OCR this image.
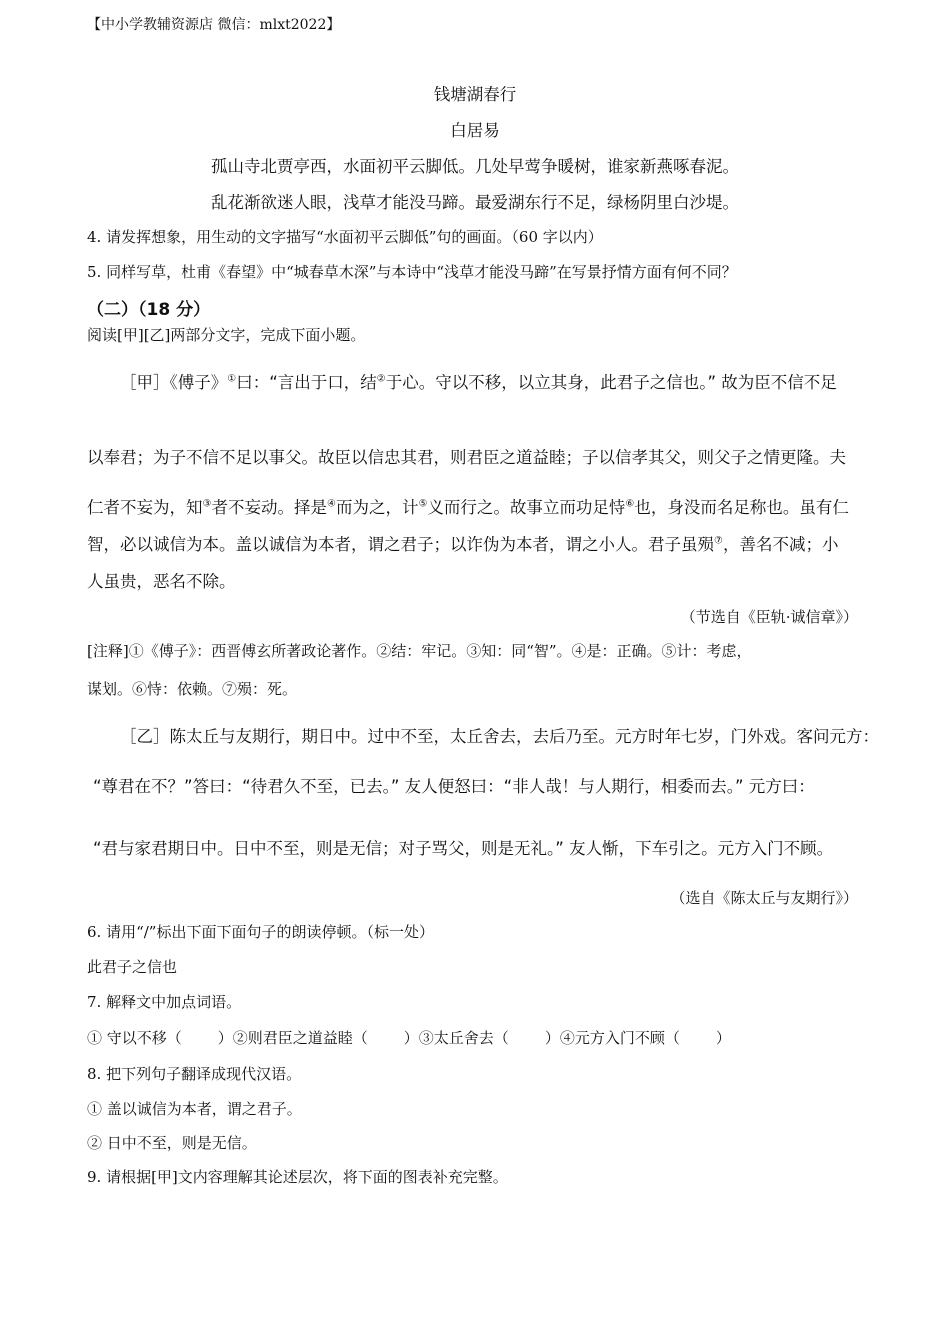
【中小学教辅资源店 微信：mlxt2022】
钱塘湖春行
白居易
孤山寺北贾亭西，水面初平云脚低。几处早莺争暖树，谁家新燕啄春泥。
乱花渐欲迷人眼，浅草才能没马蹄。最爱湖东行不足，绿杨阴里白沙堤。
4. 请发挥想象，用生动的文字描写“水面初平云脚低”句的画面。（60 字以内）
5. 同样写草，杜甫《春望》中“城春草木深”与本诗中“浅草才能没马蹄”在写景抒情方面有何不同？
（二）（18 分）
阅读[甲][乙]两部分文字，完成下面小题。
［甲］《傅子》①曰：“言出于口，结②于心。守以不移，以立其身，此君子之信也。” 故为臣不信不足
以奉君；为子不信不足以事父。故臣以信忠其君，则君臣之道益睦；子以信孝其父，则父子之情更隆。夫
仁者不妄为，知③者不妄动。择是④而为之，计⑤义而行之。故事立而功足恃⑥也，身没而名足称也。虽有仁
智，必以诚信为本。盖以诚信为本者，谓之君子；以诈伪为本者，谓之小人。君子虽殒⑦，善名不减；小
人虽贵，恶名不除。
（节选自《臣轨·诚信章》）
[注释]①《傅子》：西晋傅玄所著政论著作。②结：牢记。③知：同“智”。④是：正确。⑤计：考虑，
谋划。⑥恃：依赖。⑦殒：死。
［乙］陈太丘与友期行，期日中。过中不至，太丘舍去，去后乃至。元方时年七岁，门外戏。客问元方：
“尊君在不？”答曰：“待君久不至，已去。” 友人便怒曰：“非人哉！与人期行，相委而去。” 元方曰：
“君与家君期日中。日中不至，则是无信；对子骂父，则是无礼。” 友人惭，下车引之。元方入门不顾。
（选自《陈太丘与友期行》）
6. 请用“/”标出下面下面句子的朗读停顿。（标一处）
此君子之信也
7. 解释文中加点词语。
① 守以不移（ ）②则君臣之道益睦（ ）③太丘舍去（ ）④元方入门不顾（ ）
8. 把下列句子翻译成现代汉语。
① 盖以诚信为本者，谓之君子。
② 日中不至，则是无信。
9. 请根据[甲]文内容理解其论述层次，将下面的图表补充完整。
